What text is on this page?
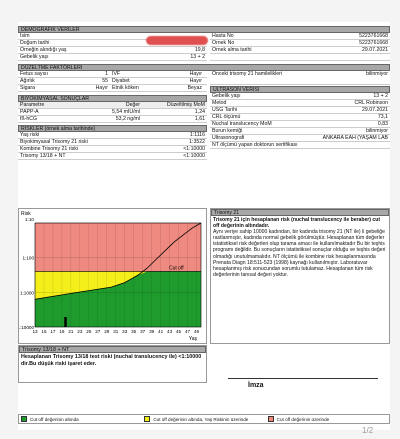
DEMOGRAFIK VERILER
Isim
Doğum tarihi
Örneğin alındığı yaş	19,8
Gebelik yaşı	13 + 2
Hasta No	5223761668
Örnek No	5223761668
Örnek alma tarihi	29.07.2021
DÜZELTME FAKTÖRLERI
Fetus sayısı	1 IVF	Hayır
Ağırlık	55 Diyabet	Hayır
Sigara	Hayır Etnik köken	Beyaz
Önceki trisomy 21 hamilelikleri	bilinmiyor
BIYOKIMYASAL SONUÇLAR
Parametre	Değer	Düzeltilmiş MoM
PAPP-A	5,54 mIU/ml	1,24
fß-hCG	53,2 ng/ml	1,61
RISKLER (örnek alma tarihinde)
Yaş riski	1:1116
Biyokimyasal Trisomy 21 riski	1:3522
Kombine Trisomy 21 riski	<1:10000
Trisomy 13/18 + NT	<1:10000
ULTRASON VERISI
Gebelik yaşı	13 + 2
Metod	CRL Robinson
USG Tarihi	29.07.2021
CRL ölçümü	73,1
Nuchal translucency MoM	0,83
Burun kemiği	bilinmiyor
Ultrasonografi	ANKARA EAH (YAŞAM LAB
NT ölçümü yapan doktorun sertifikası
Cut off
1:10
1:100
1:1000
1:10000
13 15 17 19 21 23 25 27 29 31 33 35 37 39 41 43 45 47 49
Risk
Yaş
Trisomy 21

Trisomy 21 için hesaplanan risk (nuchal translucency ile beraber) cut off değerinin altındadır.

Aynı veriye sahip 10000 kadından, bir kadında trisomy 21 (NT ile) li gebeliğe rastlanmıştır, kadında normal gebelik görülmüştür. Hesaplanan tüm değerler istatistiksel risk değerleri olup tarama amacı ile kullanılmaktadır Bu bir teşhis programı değildir. Bu sonuçların istatistiksel sonuçlar olduğu ve teşhis değeri olmadığı unutulmamalıdır. NT ölçümü ile kombine risk hesaplanmasında Prenata Diagn 18:511-523 (1998) kaynağı kullanılmıştır. Laboratuvar hesaplanmış risk sonucundan sorumlu tutulamaz. Hesaplanan tüm risk değerlerinin tanısal değeri yoktur.

Trisomy 13/18 + NT

Hesaplanan Trisomy 13/18 test riski (nuchal translucency ile) <1:10000 dir.Bu düşük riski işaret eder.

İmza
Cut off değerinin altında	Cut off değerinin altında, Yaş Riskinin üzerinde	Cut off değerinin üzerinde
1/2
